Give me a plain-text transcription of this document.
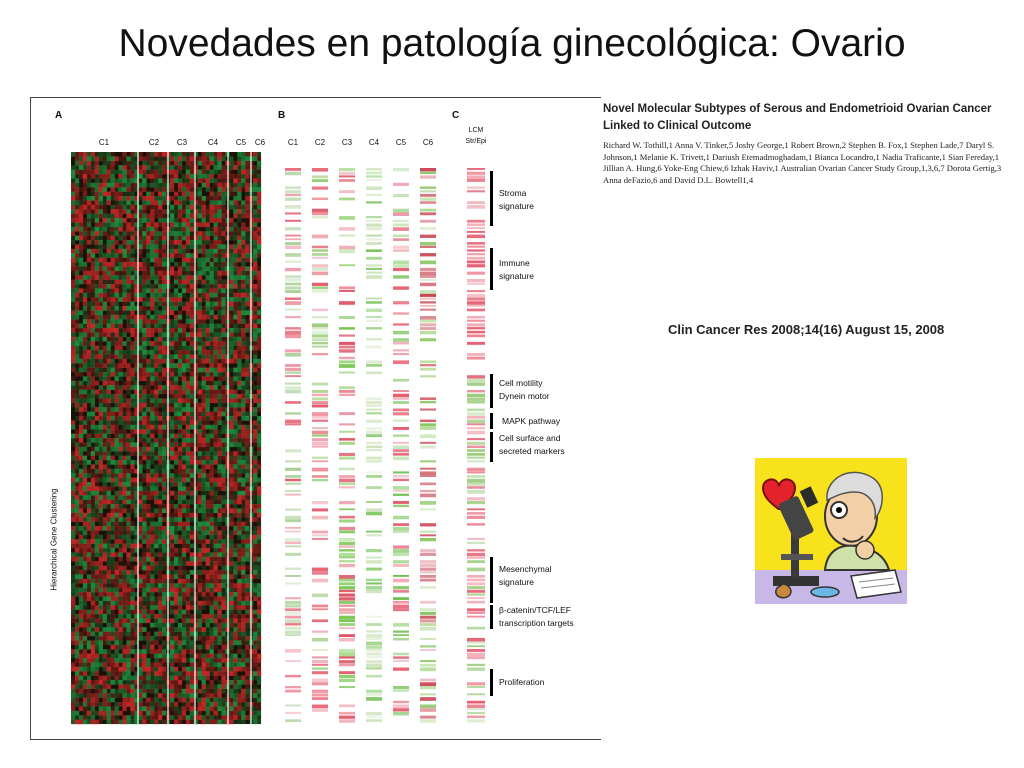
Novedades en patología ginecológica: Ovario
A	B	C
C1	C2 C3	C4 C5 C6	C1 C2 C3 C4 C5 C6
LCM
Str/Epi
Hierarchical Gene Clustering
Stroma
signature
Immune
signature
Cell motility
Dynein motor
MAPK pathway
Cell surface and
secreted markers
Mesenchymal
signature
β-catenin/TCF/LEF
transcription targets
Proliferation
Novel Molecular Subtypes of Serous and Endometrioid Ovarian Cancer Linked to Clinical Outcome
Richard W. Tothill,1 Anna V. Tinker,5 Joshy George,1 Robert Brown,2 Stephen B. Fox,1 Stephen Lade,7 Daryl S. Johnson,1 Melanie K. Trivett,1 Dariush Etemadmoghadam,1 Bianca Locandro,1 Nadia Traficante,1 Sian Fereday,1 Jillian A. Hung,6 Yoke-Eng Chiew,6 Izhak Haviv,1 Australian Ovarian Cancer Study Group,1,3,6,7 Dorota Gertig,3 Anna deFazio,6 and David D.L. Bowtell1,4
Clin Cancer Res 2008;14(16) August 15, 2008
